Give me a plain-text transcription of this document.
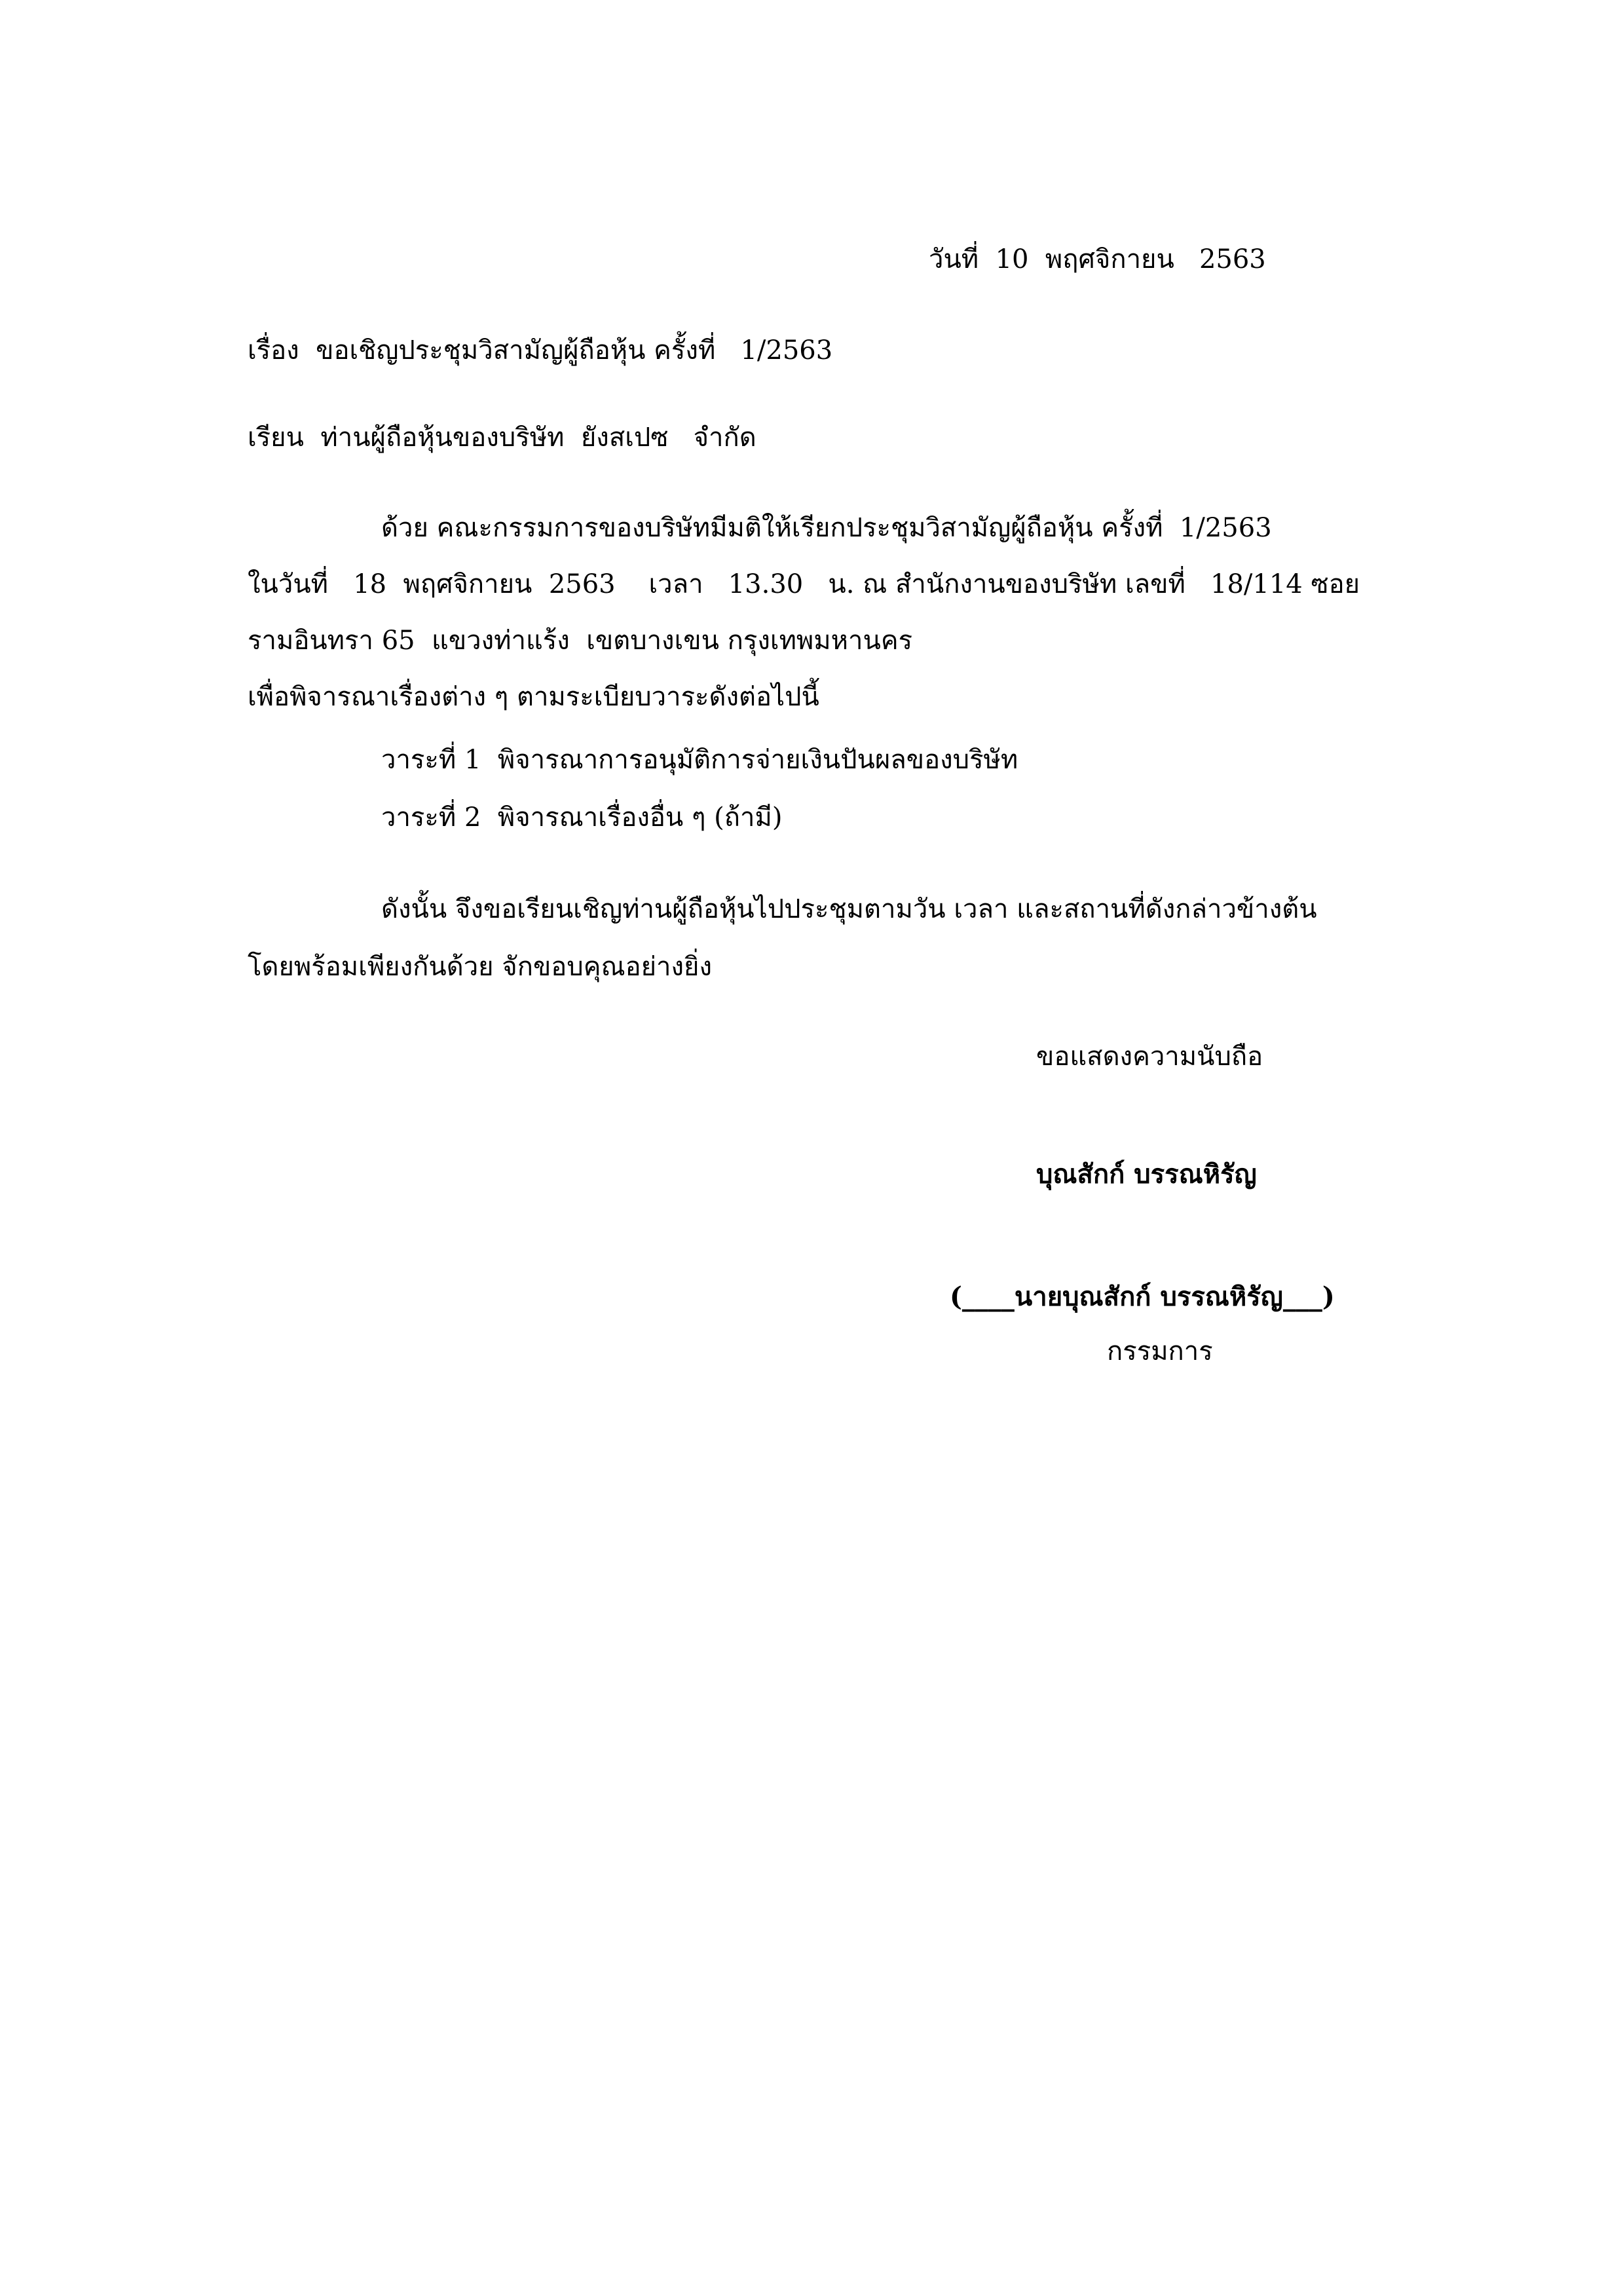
วันที่  10  พฤศจิกายน   2563
เรื่อง  ขอเชิญประชุมวิสามัญผู้ถือหุ้น ครั้งที่   1/2563
เรียน  ท่านผู้ถือหุ้นของบริษัท  ยังสเปซ   จำกัด
ด้วย คณะกรรมการของบริษัทมีมติให้เรียกประชุมวิสามัญผู้ถือหุ้น ครั้งที่  1/2563
ในวันที่   18  พฤศจิกายน  2563    เวลา   13.30   น. ณ สำนักงานของบริษัท เลขที่   18/114 ซอย
รามอินทรา 65  แขวงท่าแร้ง  เขตบางเขน กรุงเทพมหานคร
เพื่อพิจารณาเรื่องต่าง ๆ ตามระเบียบวาระดังต่อไปนี้
วาระที่ 1  พิจารณาการอนุมัติการจ่ายเงินปันผลของบริษัท
วาระที่ 2  พิจารณาเรื่องอื่น ๆ (ถ้ามี)
ดังนั้น จึงขอเรียนเชิญท่านผู้ถือหุ้นไปประชุมตามวัน เวลา และสถานที่ดังกล่าวข้างต้น
โดยพร้อมเพียงกันด้วย จักขอบคุณอย่างยิ่ง
ขอแสดงความนับถือ
บุณสักก์ บรรณหิรัญ
(____นายบุณสักก์ บรรณหิรัญ___)
กรรมการ
